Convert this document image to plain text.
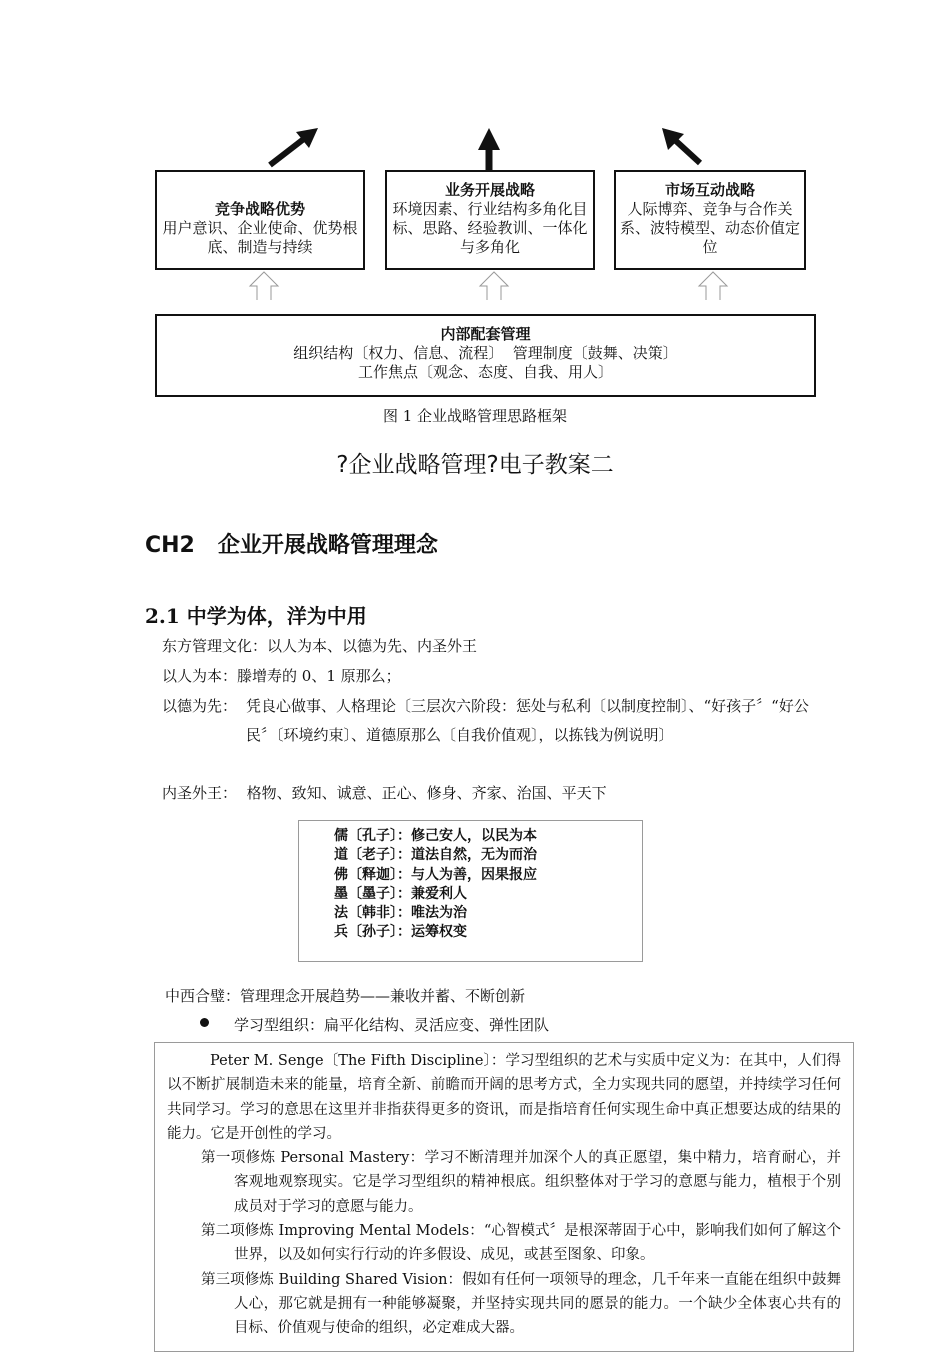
竞争战略优势
用户意识、企业使命、优势根底、制造与持续
业务开展战略
环境因素、行业结构多角化目标、思路、经验教训、一体化与多角化
市场互动战略
人际博弈、竞争与合作关系、波特模型、动态价值定位
内部配套管理
组织结构〔权力、信息、流程〕  管理制度〔鼓舞、决策〕
工作焦点〔观念、态度、自我、用人〕
图 1 企业战略管理思路框架
?企业战略管理?电子教案二
CH2   企业开展战略管理理念
2.1 中学为体，洋为中用
东方管理文化：以人为本、以德为先、内圣外王
以人为本：滕增寿的 0、1 原那么；
以德为先： 凭良心做事、人格理论〔三层次六阶段：惩处与私利〔以制度控制〕、“好孩子〞“好公民〞〔环境约束〕、道德原那么〔自我价值观〕，以拣钱为例说明〕
内圣外王： 格物、致知、诚意、正心、修身、齐家、治国、平天下
儒〔孔子〕：修己安人，以民为本
道〔老子〕：道法自然，无为而治
佛〔释迦〕：与人为善，因果报应
墨〔墨子〕：兼爱利人
法〔韩非〕：唯法为治
兵〔孙子〕：运筹权变
中西合璧：管理理念开展趋势——兼收并蓄、不断创新
学习型组织：扁平化结构、灵活应变、弹性团队
Peter M. Senge〔The Fifth Discipline〕：学习型组织的艺术与实质中定义为：在其中，人们得以不断扩展制造未来的能量，培育全新、前瞻而开阔的思考方式，全力实现共同的愿望，并持续学习任何共同学习。学习的意思在这里并非指获得更多的资讯，而是指培育任何实现生命中真正想要达成的结果的能力。它是开创性的学习。
第一项修炼 Personal Mastery：学习不断清理并加深个人的真正愿望，集中精力，培育耐心，并客观地观察现实。它是学习型组织的精神根底。组织整体对于学习的意愿与能力，植根于个别成员对于学习的意愿与能力。
第二项修炼 Improving Mental Models：“心智模式〞是根深蒂固于心中，影响我们如何了解这个世界，以及如何实行行动的许多假设、成见，或甚至图象、印象。
第三项修炼 Building Shared Vision：假如有任何一项领导的理念，几千年来一直能在组织中鼓舞人心，那它就是拥有一种能够凝聚，并坚持实现共同的愿景的能力。一个缺少全体衷心共有的目标、价值观与使命的组织，必定难成大器。
